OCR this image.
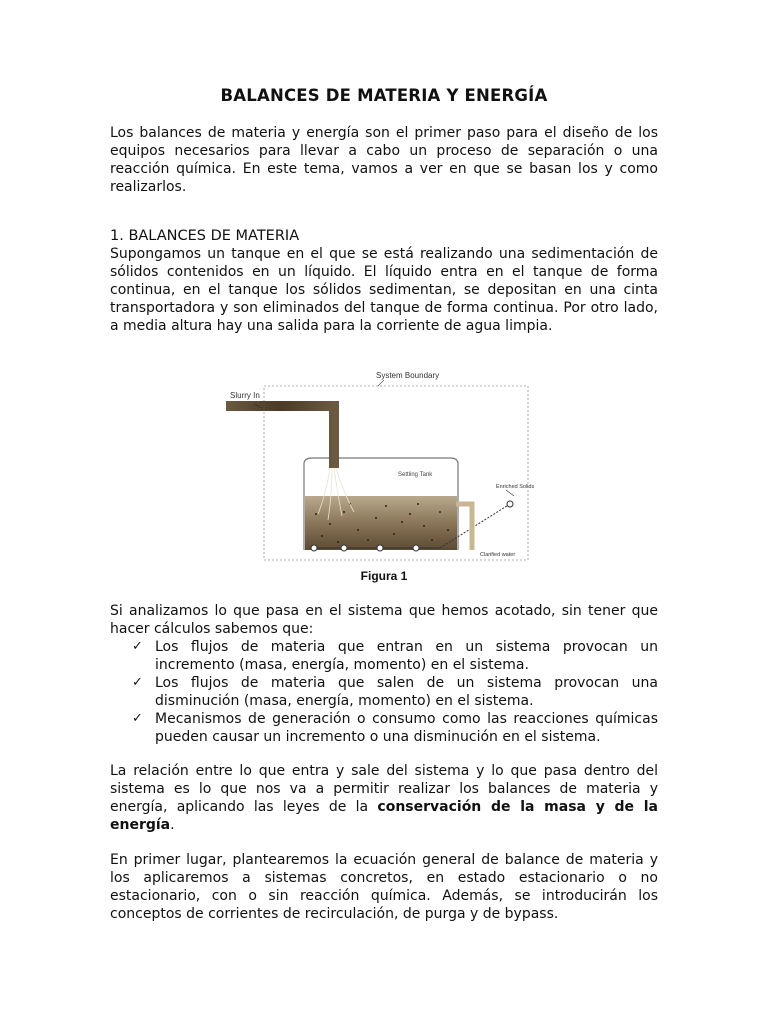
BALANCES DE MATERIA Y ENERGÍA
Los balances de materia y energía son el primer paso para el diseño de los equipos necesarios para llevar a cabo un proceso de separación o una reacción química. En este tema, vamos a ver en que se basan los y como realizarlos.
1. BALANCES DE MATERIA
Supongamos un tanque en el que se está realizando una sedimentación de sólidos contenidos en un líquido. El líquido entra en el tanque de forma continua, en el tanque los sólidos sedimentan, se depositan en una cinta transportadora y son eliminados del tanque de forma continua. Por otro lado, a media altura hay una salida para la corriente de agua limpia.
System Boundary
Slurry In
Settling Tank
Enriched Solids
Clarified water
Figura 1
Si analizamos lo que pasa en el sistema que hemos acotado, sin tener que hacer cálculos sabemos que:
✓ Los flujos de materia que entran en un sistema provocan un incremento (masa, energía, momento) en el sistema.
✓ Los flujos de materia que salen de un sistema provocan una disminución (masa, energía, momento) en el sistema.
✓ Mecanismos de generación o consumo como las reacciones químicas pueden causar un incremento o una disminución en el sistema.
La relación entre lo que entra y sale del sistema y lo que pasa dentro del sistema es lo que nos va a permitir realizar los balances de materia y energía, aplicando las leyes de la conservación de la masa y de la energía.
En primer lugar, plantearemos la ecuación general de balance de materia y los aplicaremos a sistemas concretos, en estado estacionario o no estacionario, con o sin reacción química. Además, se introducirán los conceptos de corrientes de recirculación, de purga y de bypass.
